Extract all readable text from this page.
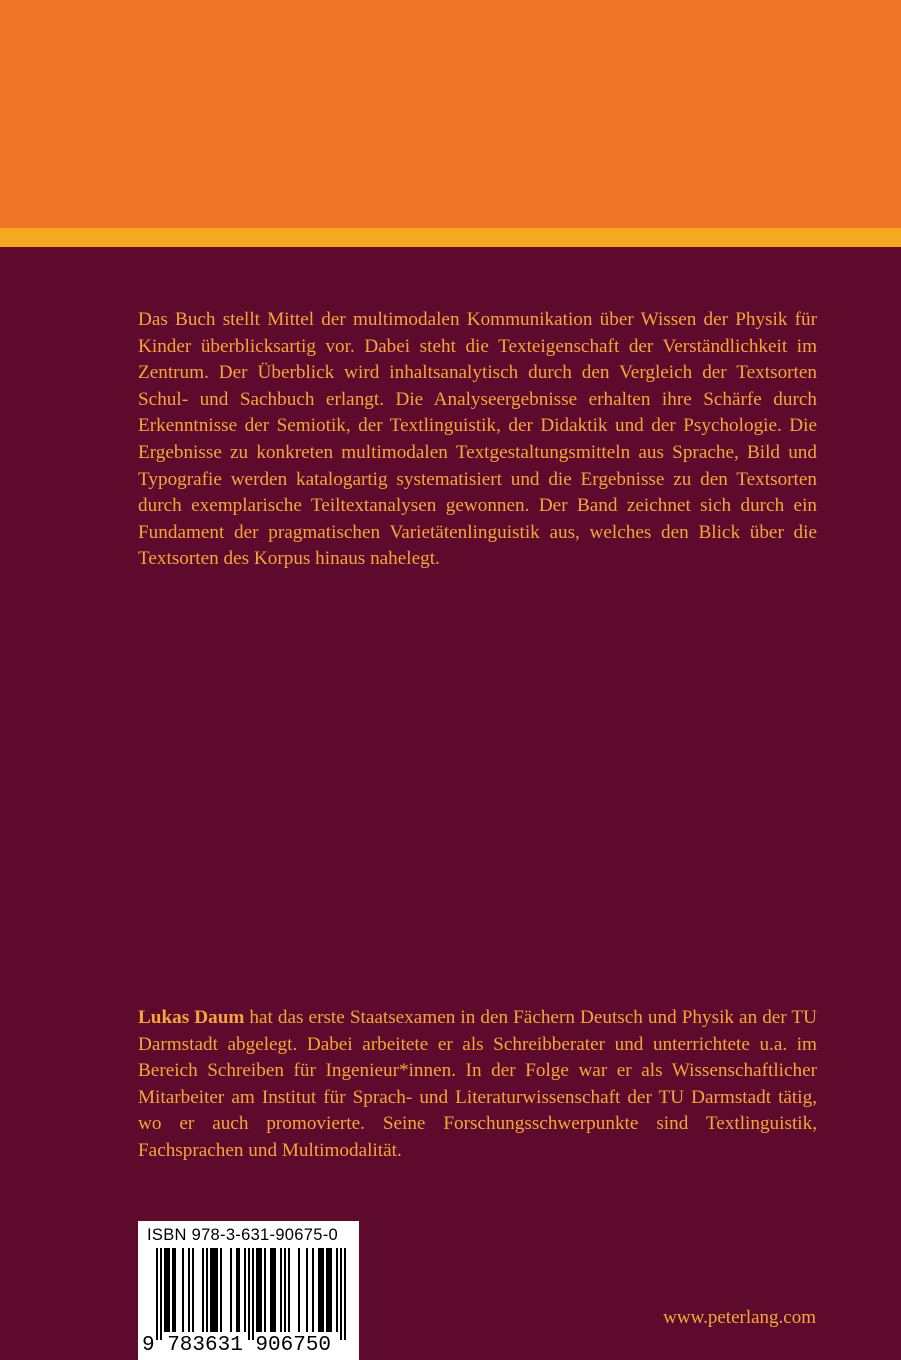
Das Buch stellt Mittel der multimodalen Kommunikation über Wissen der Physik für Kinder überblicksartig vor. Dabei steht die Texteigenschaft der Verständlichkeit im Zentrum. Der Überblick wird inhaltsanalytisch durch den Vergleich der Textsorten Schul- und Sachbuch erlangt. Die Analyseergebnisse erhalten ihre Schärfe durch Erkenntnisse der Semiotik, der Textlinguistik, der Didaktik und der Psychologie. Die Ergebnisse zu konkreten multimodalen Textgestaltungsmitteln aus Sprache, Bild und Typografie werden katalogartig systematisiert und die Ergebnisse zu den Textsorten durch exemplarische Teiltextanalysen gewonnen. Der Band zeichnet sich durch ein Fundament der pragmatischen Varietätenlinguistik aus, welches den Blick über die Textsorten des Korpus hinaus nahelegt.

Lukas Daum hat das erste Staatsexamen in den Fächern Deutsch und Physik an der TU Darmstadt abgelegt. Dabei arbeitete er als Schreibberater und unterrichtete u.a. im Bereich Schreiben für Ingenieur*innen. In der Folge war er als Wissenschaftlicher Mitarbeiter am Institut für Sprach- und Literaturwissenschaft der TU Darmstadt tätig, wo er auch promovierte. Seine Forschungsschwerpunkte sind Textlinguistik, Fachsprachen und Multimodalität.

ISBN 978-3-631-90675-0
9 783631 906750
www.peterlang.com
